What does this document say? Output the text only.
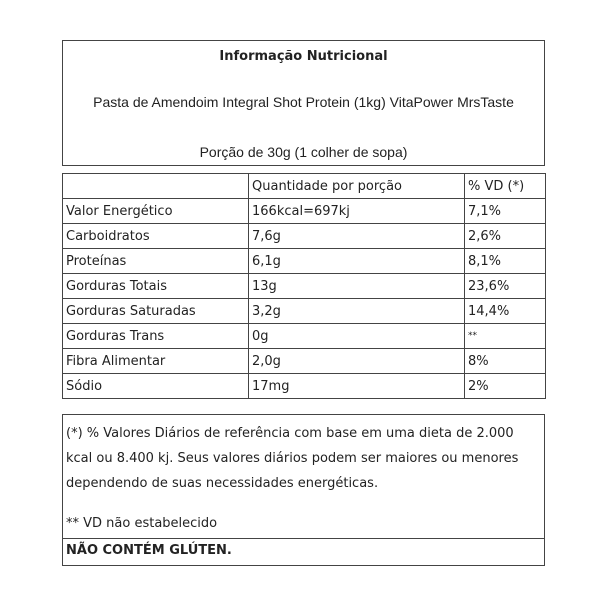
Informação Nutricional
Pasta de Amendoim Integral Shot Protein (1kg) VitaPower MrsTaste
Porção de 30g (1 colher de sopa)
	Quantidade por porção	% VD (*)
Valor Energético	166kcal=697kj	7,1%
Carboidratos	7,6g	2,6%
Proteínas	6,1g	8,1%
Gorduras Totais	13g	23,6%
Gorduras Saturadas	3,2g	14,4%
Gorduras Trans	0g	**
Fibra Alimentar	2,0g	8%
Sódio	17mg	2%
(*) % Valores Diários de referência com base em uma dieta de 2.000 kcal ou 8.400 kj. Seus valores diários podem ser maiores ou menores dependendo de suas necessidades energéticas.
** VD não estabelecido
NÃO CONTÉM GLÚTEN.
